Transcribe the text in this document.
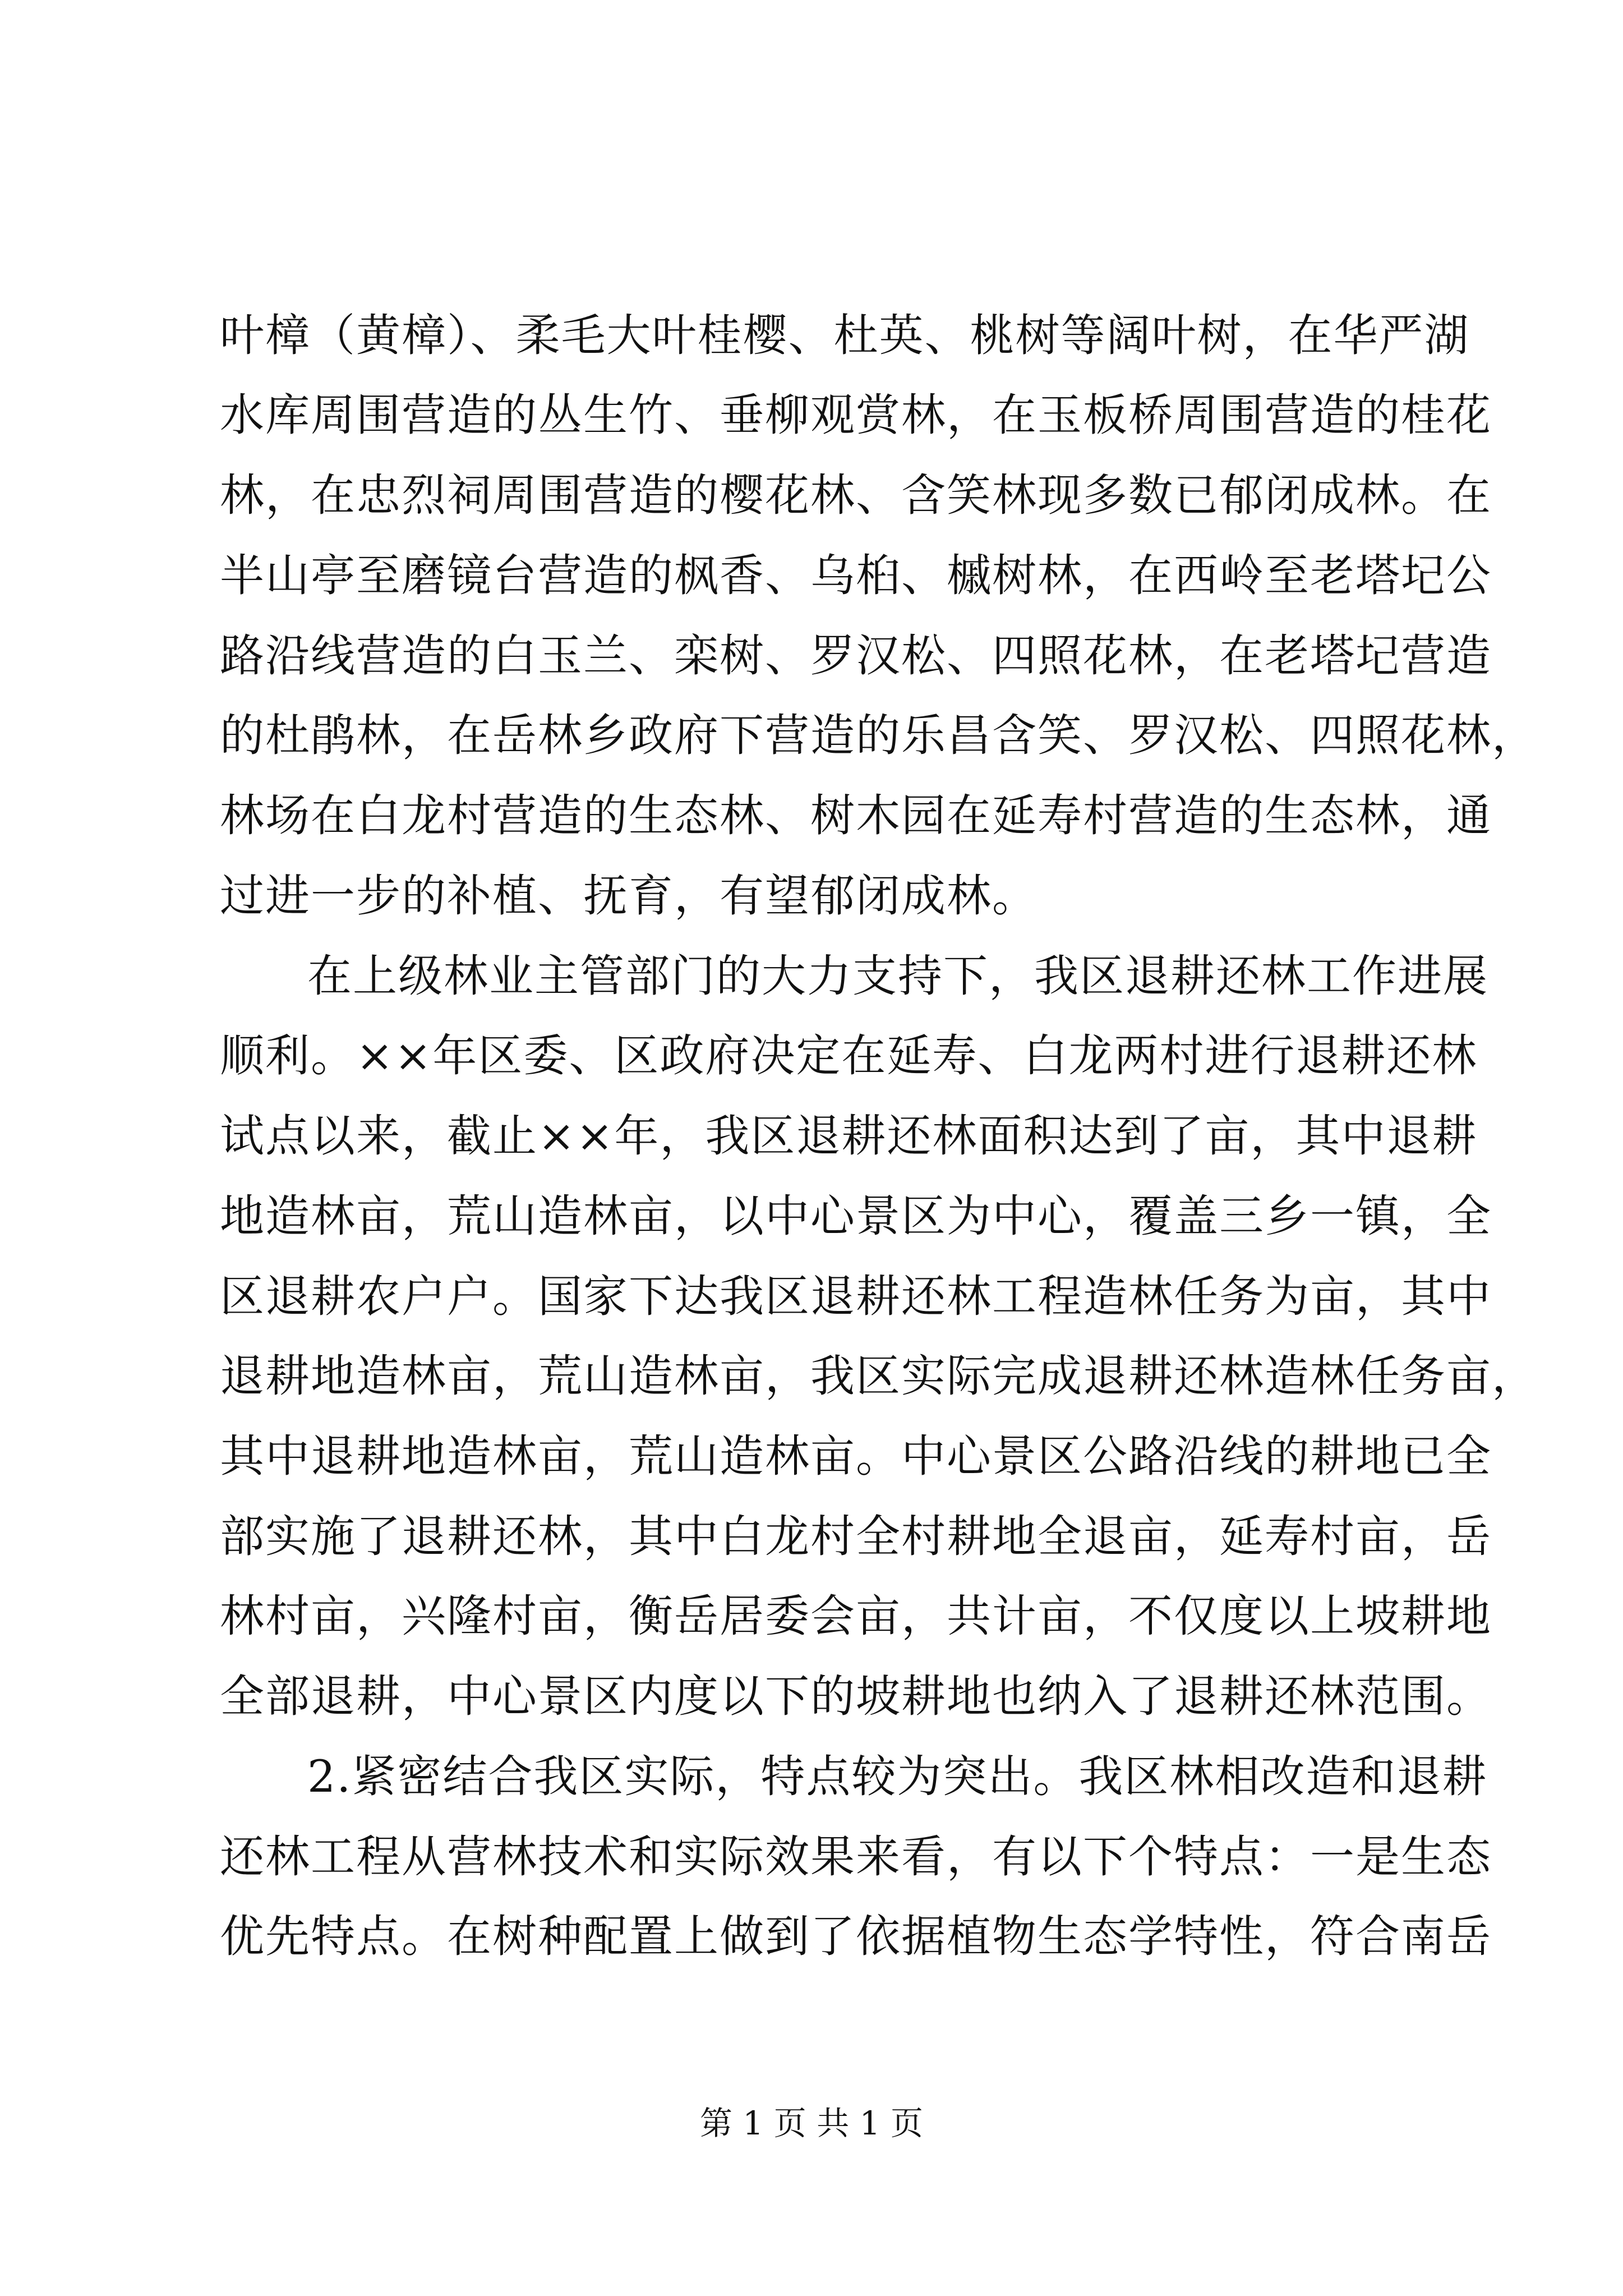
叶樟（黄樟）、柔毛大叶桂樱、杜英、桃树等阔叶树，在华严湖
水库周围营造的丛生竹、垂柳观赏林，在玉板桥周围营造的桂花
林，在忠烈祠周围营造的樱花林、含笑林现多数已郁闭成林。在
半山亭至磨镜台营造的枫香、乌桕、槭树林，在西岭至老塔圮公
路沿线营造的白玉兰、栾树、罗汉松、四照花林，在老塔圮营造
的杜鹃林，在岳林乡政府下营造的乐昌含笑、罗汉松、四照花林，
林场在白龙村营造的生态林、树木园在延寿村营造的生态林，通
过进一步的补植、抚育，有望郁闭成林。
在上级林业主管部门的大力支持下，我区退耕还林工作进展
顺利。××年区委、区政府决定在延寿、白龙两村进行退耕还林
试点以来，截止××年，我区退耕还林面积达到了亩，其中退耕
地造林亩，荒山造林亩，以中心景区为中心，覆盖三乡一镇，全
区退耕农户户。国家下达我区退耕还林工程造林任务为亩，其中
退耕地造林亩，荒山造林亩，我区实际完成退耕还林造林任务亩，
其中退耕地造林亩，荒山造林亩。中心景区公路沿线的耕地已全
部实施了退耕还林，其中白龙村全村耕地全退亩，延寿村亩，岳
林村亩，兴隆村亩，衡岳居委会亩，共计亩，不仅度以上坡耕地
全部退耕，中心景区内度以下的坡耕地也纳入了退耕还林范围。
2.紧密结合我区实际，特点较为突出。我区林相改造和退耕
还林工程从营林技术和实际效果来看，有以下个特点：一是生态
优先特点。在树种配置上做到了依据植物生态学特性，符合南岳
第 1 页 共 1 页
